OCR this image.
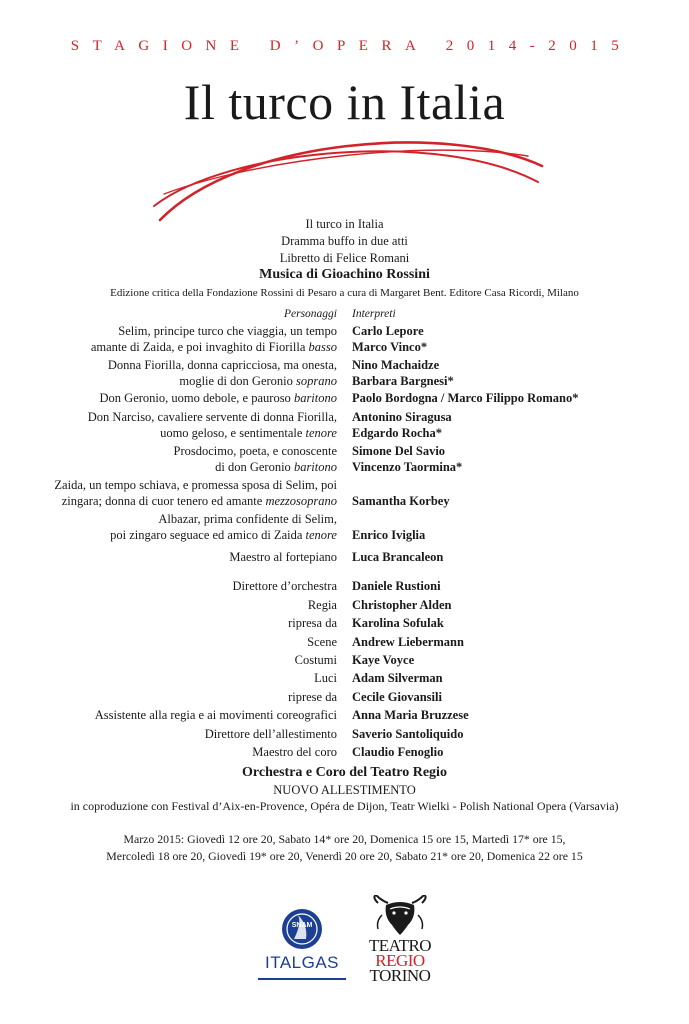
STAGIONE D’OPERA 2014-2015
Il turco in Italia
Il turco in Italia
Dramma buffo in due atti
Libretto di Felice Romani
Musica di Gioachino Rossini
Edizione critica della Fondazione Rossini di Pesaro a cura di Margaret Bent. Editore Casa Ricordi, Milano
Personaggi Interpreti
Selim, principe turco che viaggia, un tempo
amante di Zaida, e poi invaghito di Fiorilla basso
Carlo Lepore
Marco Vinco*
Donna Fiorilla, donna capricciosa, ma onesta,
moglie di don Geronio soprano
Nino Machaidze
Barbara Bargnesi*
Don Geronio, uomo debole, e pauroso baritono Paolo Bordogna / Marco Filippo Romano*
Don Narciso, cavaliere servente di donna Fiorilla,
uomo geloso, e sentimentale tenore
Antonino Siragusa
Edgardo Rocha*
Prosdocimo, poeta, e conoscente
di don Geronio baritono
Simone Del Savio
Vincenzo Taormina*
Zaida, un tempo schiava, e promessa sposa di Selim, poi
zingara; donna di cuor tenero ed amante mezzosoprano Samantha Korbey
Albazar, prima confidente di Selim,
poi zingaro seguace ed amico di Zaida tenore Enrico Iviglia
Maestro al fortepiano Luca Brancaleon
Direttore d’orchestra Daniele Rustioni
Regia Christopher Alden
ripresa da Karolina Sofulak
Scene Andrew Liebermann
Costumi Kaye Voyce
Luci Adam Silverman
riprese da Cecile Giovansili
Assistente alla regia e ai movimenti coreografici Anna Maria Bruzzese
Direttore dell’allestimento Saverio Santoliquido
Maestro del coro Claudio Fenoglio
Orchestra e Coro del Teatro Regio
NUOVO ALLESTIMENTO
in coproduzione con Festival d’Aix-en-Provence, Opéra de Dijon, Teatr Wielki - Polish National Opera (Varsavia)
Marzo 2015: Giovedì 12 ore 20, Sabato 14* ore 20, Domenica 15 ore 15, Martedì 17* ore 15,
Mercoledì 18 ore 20, Giovedì 19* ore 20, Venerdì 20 ore 20, Sabato 21* ore 20, Domenica 22 ore 15
SNAM
ITALGAS
TEATRO
REGIO
TORINO
